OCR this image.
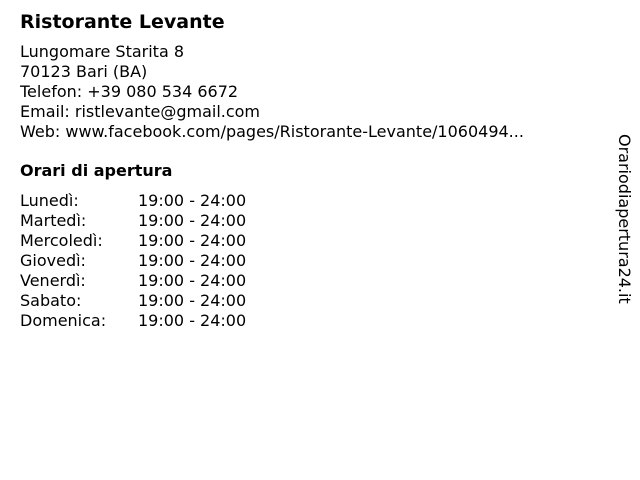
Ristorante Levante
Lungomare Starita 8
70123 Bari (BA)
Telefon: +39 080 534 6672
Email: ristlevante@gmail.com
Web: www.facebook.com/pages/Ristorante-Levante/1060494...
Orari di apertura
Lunedì:	19:00 - 24:00
Martedì:	19:00 - 24:00
Mercoledì:	19:00 - 24:00
Giovedì:	19:00 - 24:00
Venerdì:	19:00 - 24:00
Sabato:	19:00 - 24:00
Domenica:	19:00 - 24:00
Orariodiapertura24.it
